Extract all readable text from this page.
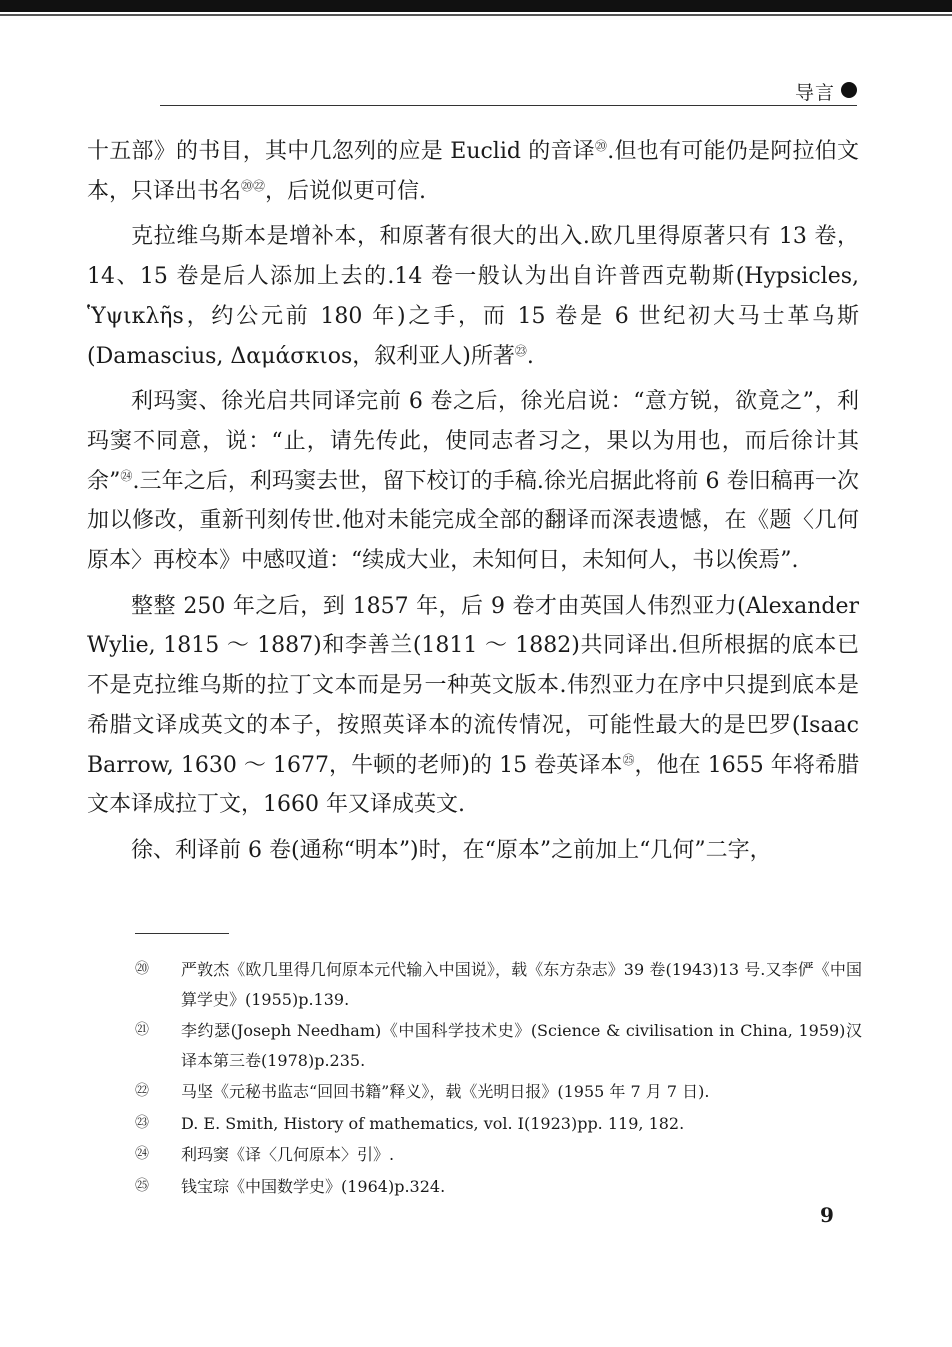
导言

十五部》的书目，其中几忽列的应是 Euclid 的音译⑳.但也有可能仍是阿拉伯文本，只译出书名$^{⑳㉒}$，后说似更可信.

克拉维乌斯本是增补本，和原著有很大的出入.欧几里得原著只有 13 卷，14、15 卷是后人添加上去的.14 卷一般认为出自许普西克勒斯(Hypsicles, Ὑψικλῆs，约公元前 180 年)之手，而 15 卷是 6 世纪初大马士革乌斯(Damascius, Δαμάσκιοs，叙利亚人)所著$^㉓$.

利玛窦、徐光启共同译完前 6 卷之后，徐光启说：“意方锐，欲竟之”，利玛窦不同意，说：“止，请先传此，使同志者习之，果以为用也，而后徐计其余”$^㉔$.三年之后，利玛窦去世，留下校订的手稿.徐光启据此将前 6 卷旧稿再一次加以修改，重新刊刻传世.他对未能完成全部的翻译而深表遗憾，在《题〈几何原本〉再校本》中感叹道：“续成大业，未知何日，未知何人，书以俟焉”.

整整 250 年之后，到 1857 年，后 9 卷才由英国人伟烈亚力(Alexander Wylie, 1815 ～ 1887)和李善兰(1811 ～ 1882)共同译出.但所根据的底本已不是克拉维乌斯的拉丁文本而是另一种英文版本.伟烈亚力在序中只提到底本是希腊文译成英文的本子，按照英译本的流传情况，可能性最大的是巴罗(Isaac Barrow, 1630 ～ 1677，牛顿的老师)的 15 卷英译本$^㉕$，他在 1655 年将希腊文本译成拉丁文，1660 年又译成英文.

徐、利译前 6 卷(通称“明本”)时，在“原本”之前加上“几何”二字，

⑳ 严敦杰《欧几里得几何原本元代输入中国说》，载《东方杂志》39 卷(1943)13 号.又李俨《中国算学史》(1955)p.139.
㉑ 李约瑟(Joseph Needham)《中国科学技术史》(Science & civilisation in China, 1959)汉译本第三卷(1978)p.235.
㉒ 马坚《元秘书监志“回回书籍”释义》，载《光明日报》(1955 年 7 月 7 日).
㉓ D. E. Smith, History of mathematics, vol. I(1923)pp. 119, 182.
㉔ 利玛窦《译〈几何原本〉引》.
㉕ 钱宝琮《中国数学史》(1964)p.324.
9
